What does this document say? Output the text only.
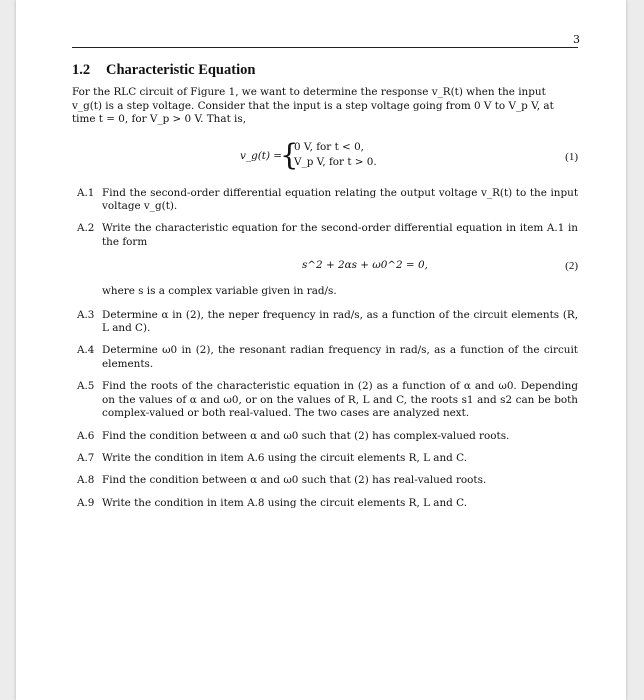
3
1.2 Characteristic Equation

For the RLC circuit of Figure 1, we want to determine the response v_R(t) when the input
v_g(t) is a step voltage. Consider that the input is a step voltage going from 0 V to V_p V, at
time t = 0, for V_p > 0 V. That is,

v_g(t) =
{
0 V, for t < 0,
V_p V, for t > 0.	(1)
A.1 Find the second-order differential equation relating the output voltage v_R(t) to the input voltage v_g(t).
A.2 Write the characteristic equation for the second-order differential equation in item A.1 in the form
s^2 + 2αs + ω0^2 = 0,	(2)

where s is a complex variable given in rad/s.

A.3 Determine α in (2), the neper frequency in rad/s, as a function of the circuit elements (R, L and C).
A.4 Determine ω0 in (2), the resonant radian frequency in rad/s, as a function of the circuit elements.
A.5 Find the roots of the characteristic equation in (2) as a function of α and ω0. Depending on the values of α and ω0, or on the values of R, L and C, the roots s1 and s2 can be both complex-valued or both real-valued. The two cases are analyzed next.
A.6 Find the condition between α and ω0 such that (2) has complex-valued roots.
A.7 Write the condition in item A.6 using the circuit elements R, L and C.
A.8 Find the condition between α and ω0 such that (2) has real-valued roots.
A.9 Write the condition in item A.8 using the circuit elements R, L and C.
